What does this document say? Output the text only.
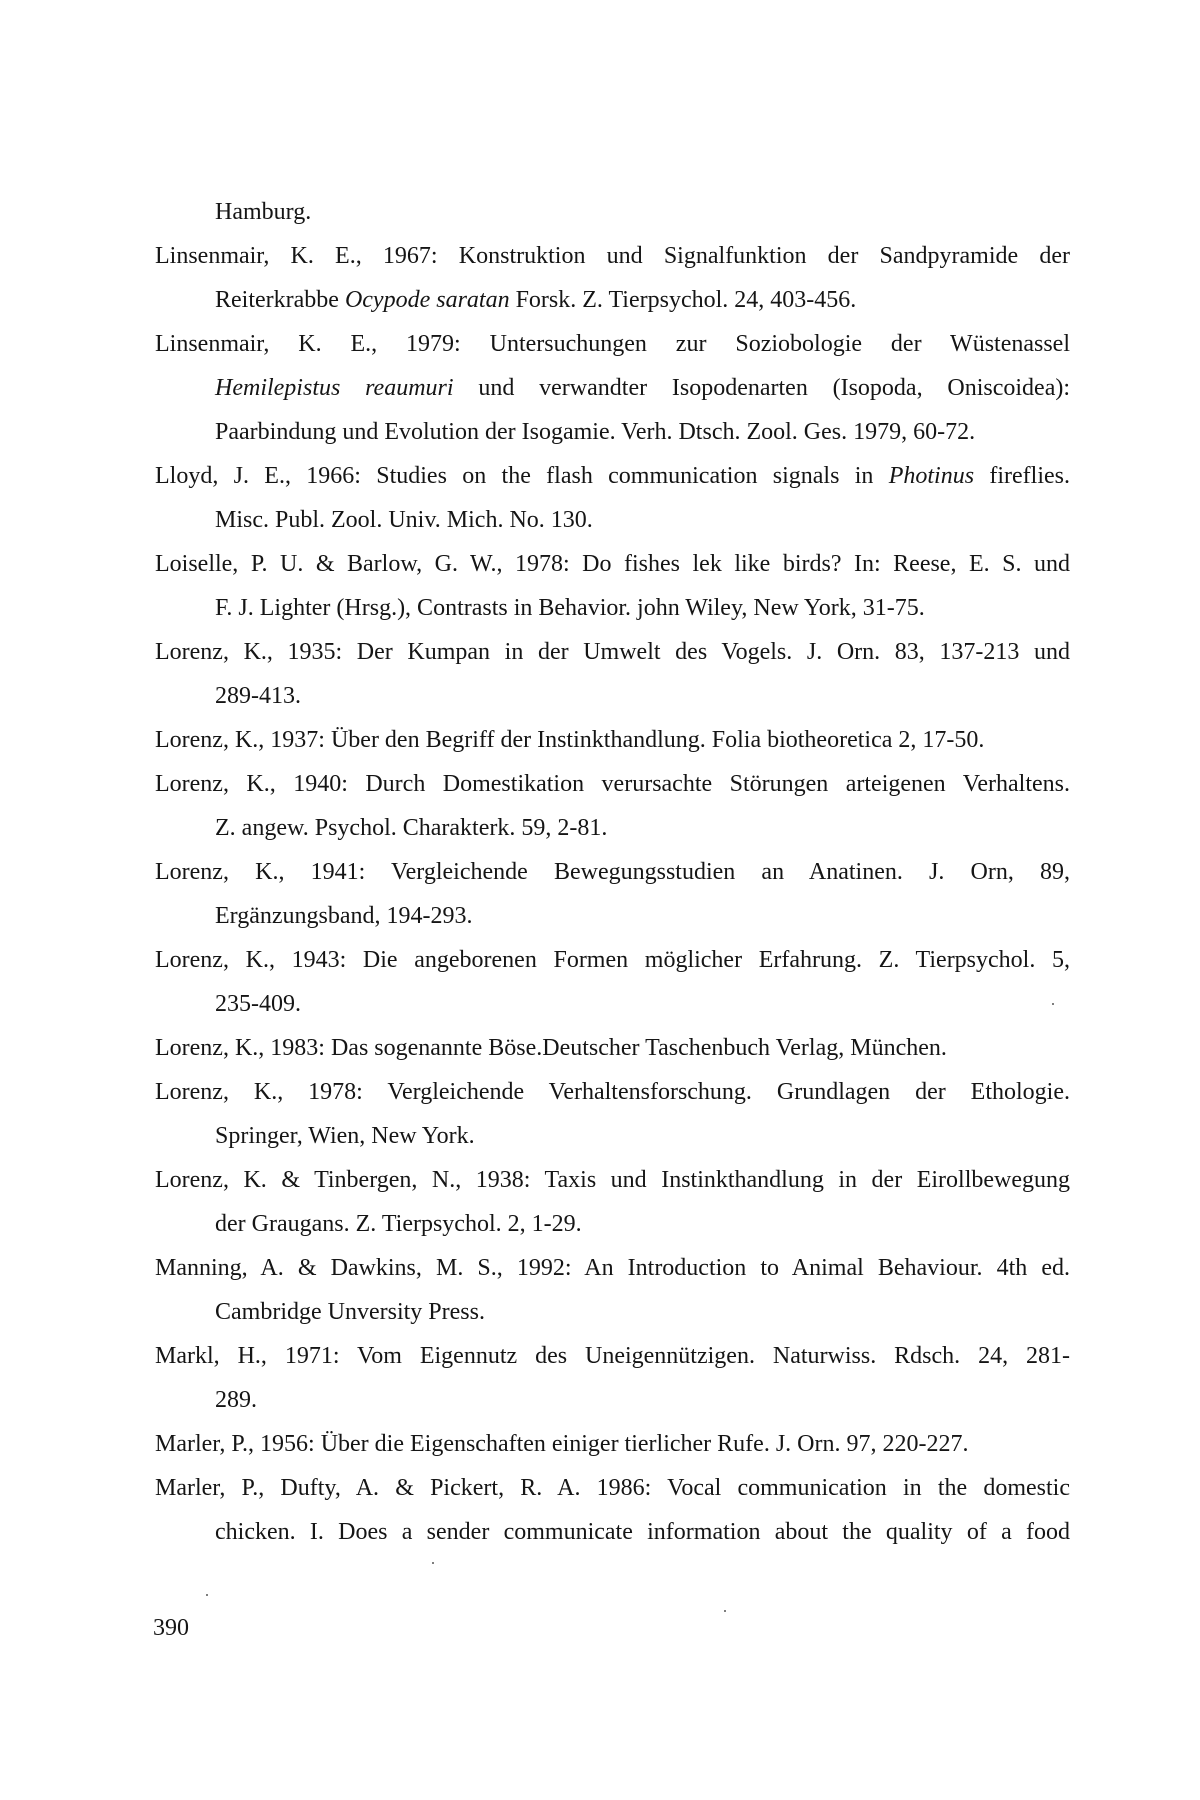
Hamburg.
Linsenmair, K. E., 1967: Konstruktion und Signalfunktion der Sandpyramide der
Reiterkrabbe Ocypode saratan Forsk. Z. Tierpsychol. 24, 403-456.
Linsenmair, K. E., 1979: Untersuchungen zur Soziobologie der Wüstenassel
Hemilepistus reaumuri und verwandter Isopodenarten (Isopoda, Oniscoidea):
Paarbindung und Evolution der Isogamie. Verh. Dtsch. Zool. Ges. 1979, 60-72.
Lloyd, J. E., 1966: Studies on the flash communication signals in Photinus fireflies.
Misc. Publ. Zool. Univ. Mich. No. 130.
Loiselle, P. U. & Barlow, G. W., 1978: Do fishes lek like birds? In: Reese, E. S. und
F. J. Lighter (Hrsg.), Contrasts in Behavior. john Wiley, New York, 31-75.
Lorenz, K., 1935: Der Kumpan in der Umwelt des Vogels. J. Orn. 83, 137-213 und
289-413.
Lorenz, K., 1937: Über den Begriff der Instinkthandlung. Folia biotheoretica 2, 17-50.
Lorenz, K., 1940: Durch Domestikation verursachte Störungen arteigenen Verhaltens.
Z. angew. Psychol. Charakterk. 59, 2-81.
Lorenz, K., 1941: Vergleichende Bewegungsstudien an Anatinen. J. Orn, 89,
Ergänzungsband, 194-293.
Lorenz, K., 1943: Die angeborenen Formen möglicher Erfahrung. Z. Tierpsychol. 5,
235-409.
Lorenz, K., 1983: Das sogenannte Böse.Deutscher Taschenbuch Verlag, München.
Lorenz, K., 1978: Vergleichende Verhaltensforschung. Grundlagen der Ethologie.
Springer, Wien, New York.
Lorenz, K. & Tinbergen, N., 1938: Taxis und Instinkthandlung in der Eirollbewegung
der Graugans. Z. Tierpsychol. 2, 1-29.
Manning, A. & Dawkins, M. S., 1992: An Introduction to Animal Behaviour. 4th ed.
Cambridge Unversity Press.
Markl, H., 1971: Vom Eigennutz des Uneigennützigen. Naturwiss. Rdsch. 24, 281-
289.
Marler, P., 1956: Über die Eigenschaften einiger tierlicher Rufe. J. Orn. 97, 220-227.
Marler, P., Dufty, A. & Pickert, R. A. 1986: Vocal communication in the domestic
chicken. I. Does a sender communicate information about the quality of a food
390
